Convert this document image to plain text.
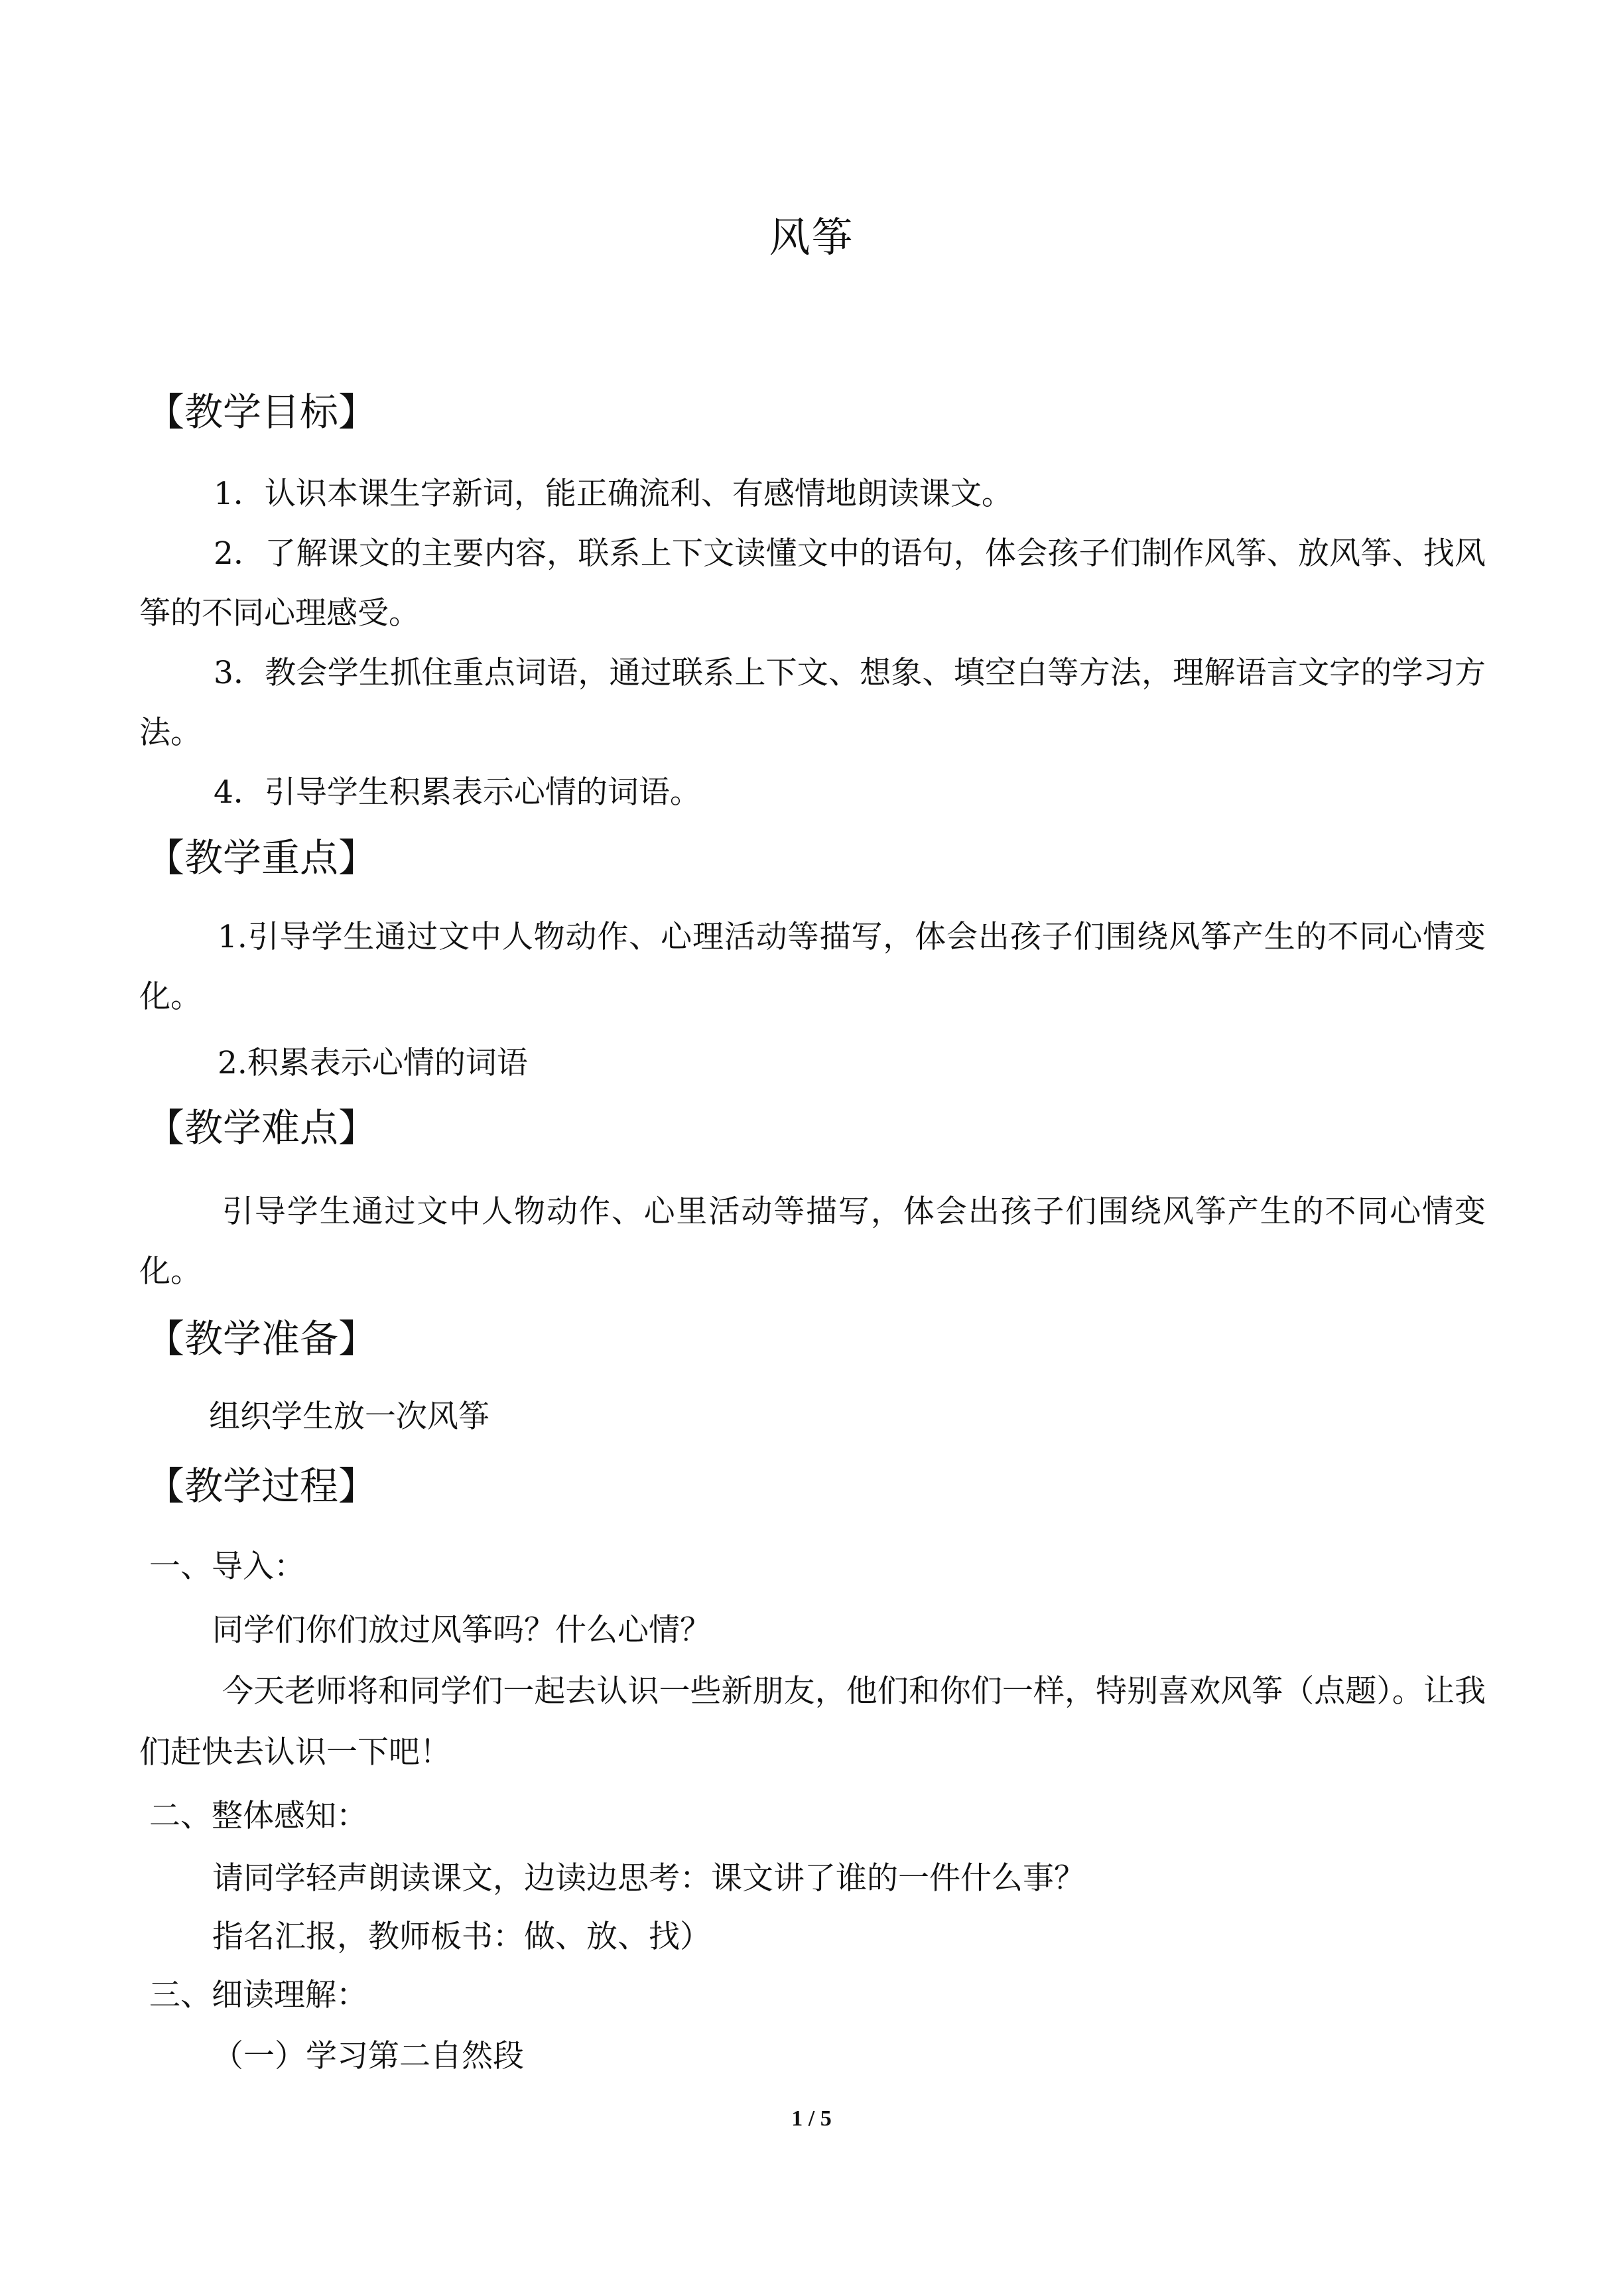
风筝
【教学目标】
1．认识本课生字新词，能正确流利、有感情地朗读课文。
2．了解课文的主要内容，联系上下文读懂文中的语句，体会孩子们制作风筝、放风筝、找风筝的不同心理感受。
3．教会学生抓住重点词语，通过联系上下文、想象、填空白等方法，理解语言文字的学习方法。
4．引导学生积累表示心情的词语。
【教学重点】
1.引导学生通过文中人物动作、心理活动等描写，体会出孩子们围绕风筝产生的不同心情变化。
2.积累表示心情的词语
【教学难点】
引导学生通过文中人物动作、心里活动等描写，体会出孩子们围绕风筝产生的不同心情变化。
【教学准备】
组织学生放一次风筝
【教学过程】
一、导入：
同学们你们放过风筝吗？什么心情？
今天老师将和同学们一起去认识一些新朋友，他们和你们一样，特别喜欢风筝（点题）。让我们赶快去认识一下吧！
二、整体感知：
请同学轻声朗读课文，边读边思考：课文讲了谁的一件什么事？
指名汇报，教师板书：做、放、找）
三、细读理解：
（一）学习第二自然段
1 / 5
